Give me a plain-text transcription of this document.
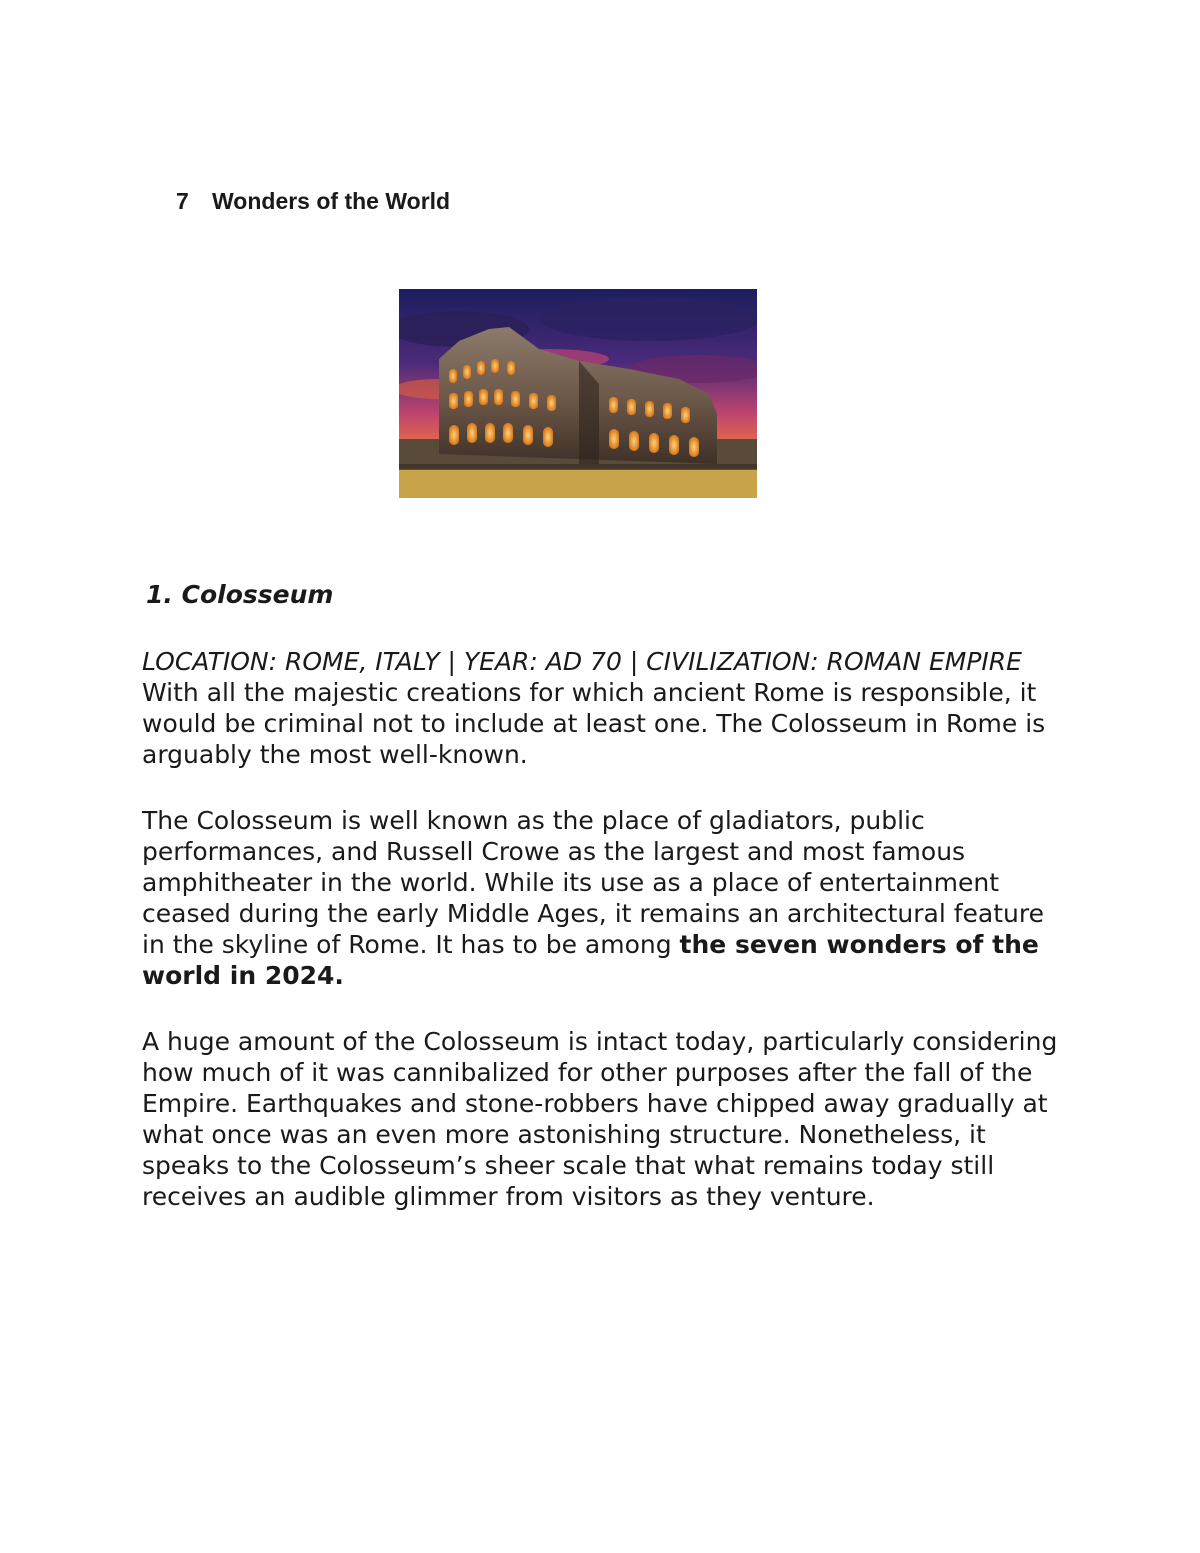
7 Wonders of the World
1. Colosseum

LOCATION: ROME, ITALY | YEAR: AD 70 | CIVILIZATION: ROMAN EMPIRE

With all the majestic creations for which ancient Rome is responsible, it would be criminal not to include at least one. The Colosseum in Rome is arguably the most well-known.

The Colosseum is well known as the place of gladiators, public performances, and Russell Crowe as the largest and most famous amphitheater in the world. While its use as a place of entertainment ceased during the early Middle Ages, it remains an architectural feature in the skyline of Rome. It has to be among the seven wonders of the world in 2024.

A huge amount of the Colosseum is intact today, particularly considering how much of it was cannibalized for other purposes after the fall of the Empire. Earthquakes and stone-robbers have chipped away gradually at what once was an even more astonishing structure. Nonetheless, it speaks to the Colosseum’s sheer scale that what remains today still receives an audible glimmer from visitors as they venture.
